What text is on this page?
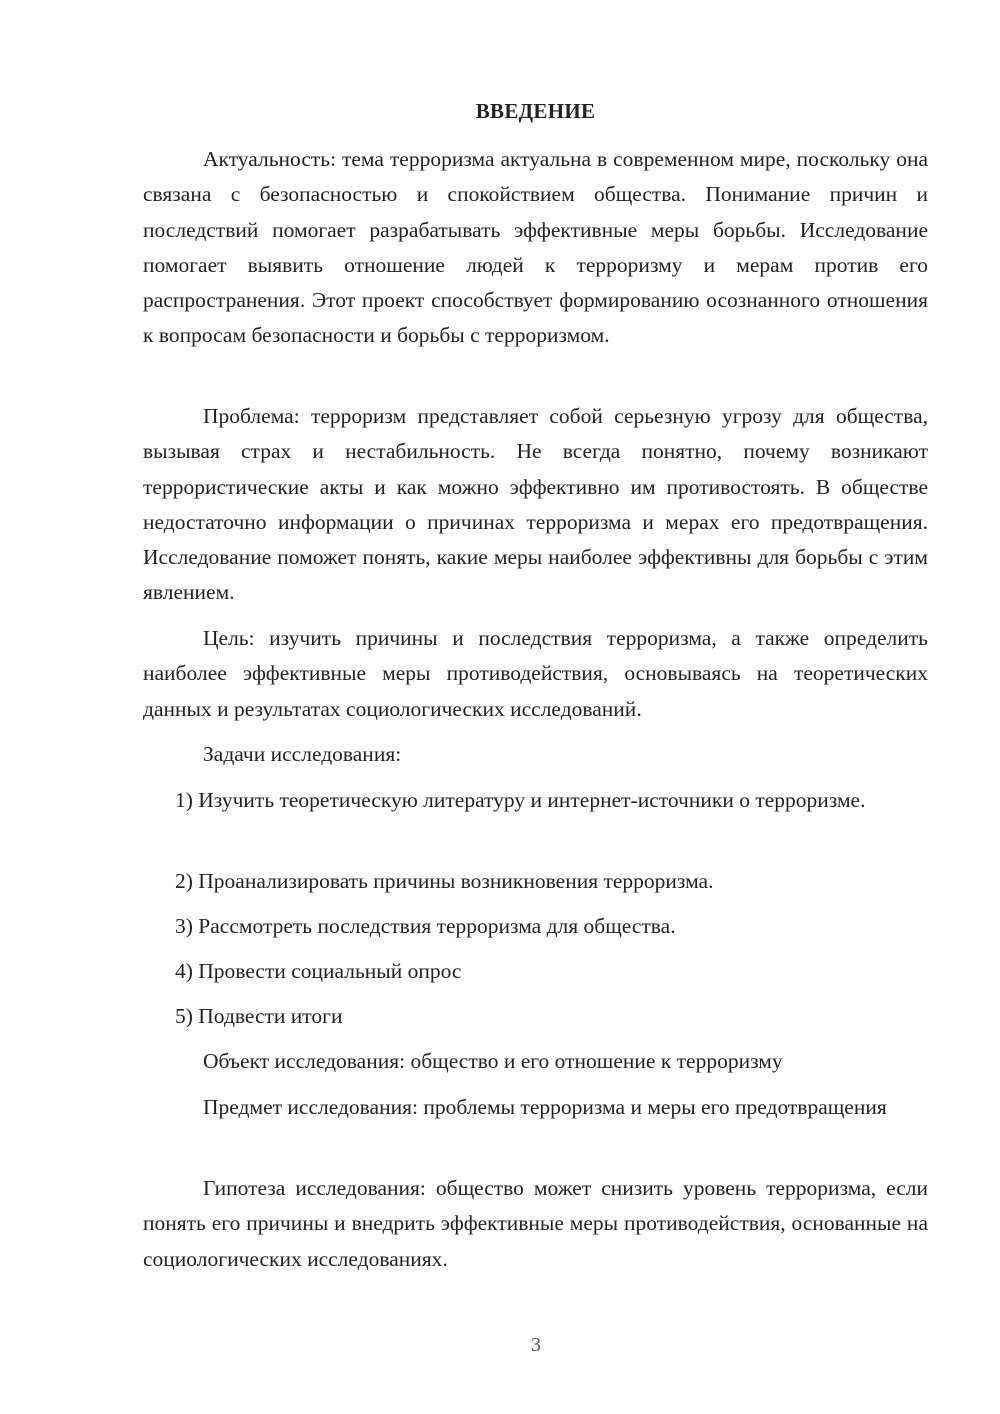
ВВЕДЕНИЕ

Актуальность: тема терроризма актуальна в современном мире, поскольку она связана с безопасностью и спокойствием общества. Понимание причин и последствий помогает разрабатывать эффективные меры борьбы. Исследование помогает выявить отношение людей к терроризму и мерам против его распространения. Этот проект способствует формированию осознанного отношения к вопросам безопасности и борьбы с терроризмом.

Проблема: терроризм представляет собой серьезную угрозу для общества, вызывая страх и нестабильность. Не всегда понятно, почему возникают террористические акты и как можно эффективно им противостоять. В обществе недостаточно информации о причинах терроризма и мерах его предотвращения. Исследование поможет понять, какие меры наиболее эффективны для борьбы с этим явлением.

Цель: изучить причины и последствия терроризма, а также определить наиболее эффективные меры противодействия, основываясь на теоретических данных и результатах социологических исследований.

Задачи исследования:

1) Изучить теоретическую литературу и интернет-источники о терроризме.

2) Проанализировать причины возникновения терроризма.

3) Рассмотреть последствия терроризма для общества.

4) Провести социальный опрос

5) Подвести итоги

Объект исследования: общество и его отношение к терроризму

Предмет исследования: проблемы терроризма и меры его предотвращения

Гипотеза исследования: общество может снизить уровень терроризма, если понять его причины и внедрить эффективные меры противодействия, основанные на социологических исследованиях.

3
